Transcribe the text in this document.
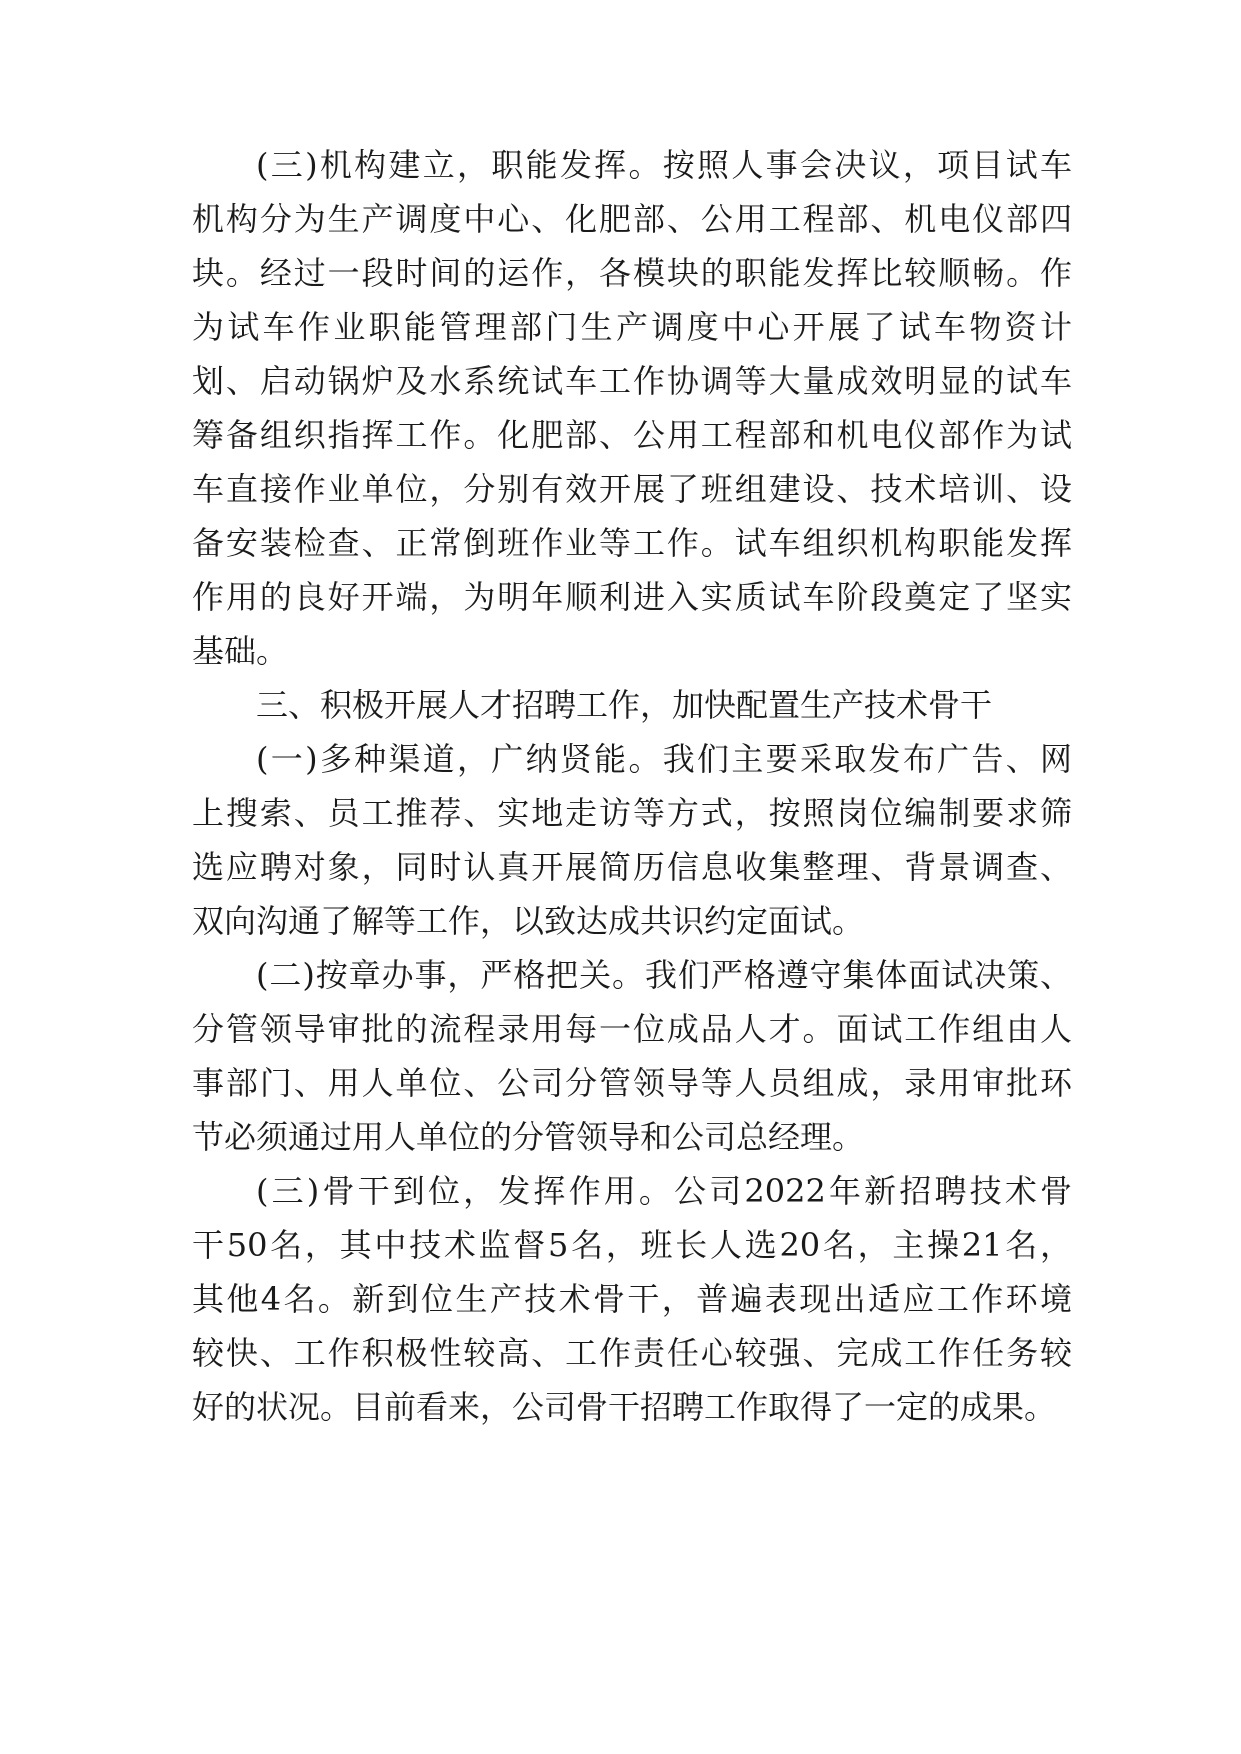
(三)机构建立，职能发挥。按照人事会决议，项目试车
机构分为生产调度中心、化肥部、公用工程部、机电仪部四
块。经过一段时间的运作，各模块的职能发挥比较顺畅。作
为试车作业职能管理部门生产调度中心开展了试车物资计
划、启动锅炉及水系统试车工作协调等大量成效明显的试车
筹备组织指挥工作。化肥部、公用工程部和机电仪部作为试
车直接作业单位，分别有效开展了班组建设、技术培训、设
备安装检查、正常倒班作业等工作。试车组织机构职能发挥
作用的良好开端，为明年顺利进入实质试车阶段奠定了坚实
基础。
三、积极开展人才招聘工作，加快配置生产技术骨干
(一)多种渠道，广纳贤能。我们主要采取发布广告、网
上搜索、员工推荐、实地走访等方式，按照岗位编制要求筛
选应聘对象，同时认真开展简历信息收集整理、背景调查、
双向沟通了解等工作，以致达成共识约定面试。
(二)按章办事，严格把关。我们严格遵守集体面试决策、
分管领导审批的流程录用每一位成品人才。面试工作组由人
事部门、用人单位、公司分管领导等人员组成，录用审批环
节必须通过用人单位的分管领导和公司总经理。
(三)骨干到位，发挥作用。公司2022年新招聘技术骨
干50名，其中技术监督5名，班长人选20名，主操21名，
其他4名。新到位生产技术骨干，普遍表现出适应工作环境
较快、工作积极性较高、工作责任心较强、完成工作任务较
好的状况。目前看来，公司骨干招聘工作取得了一定的成果。
